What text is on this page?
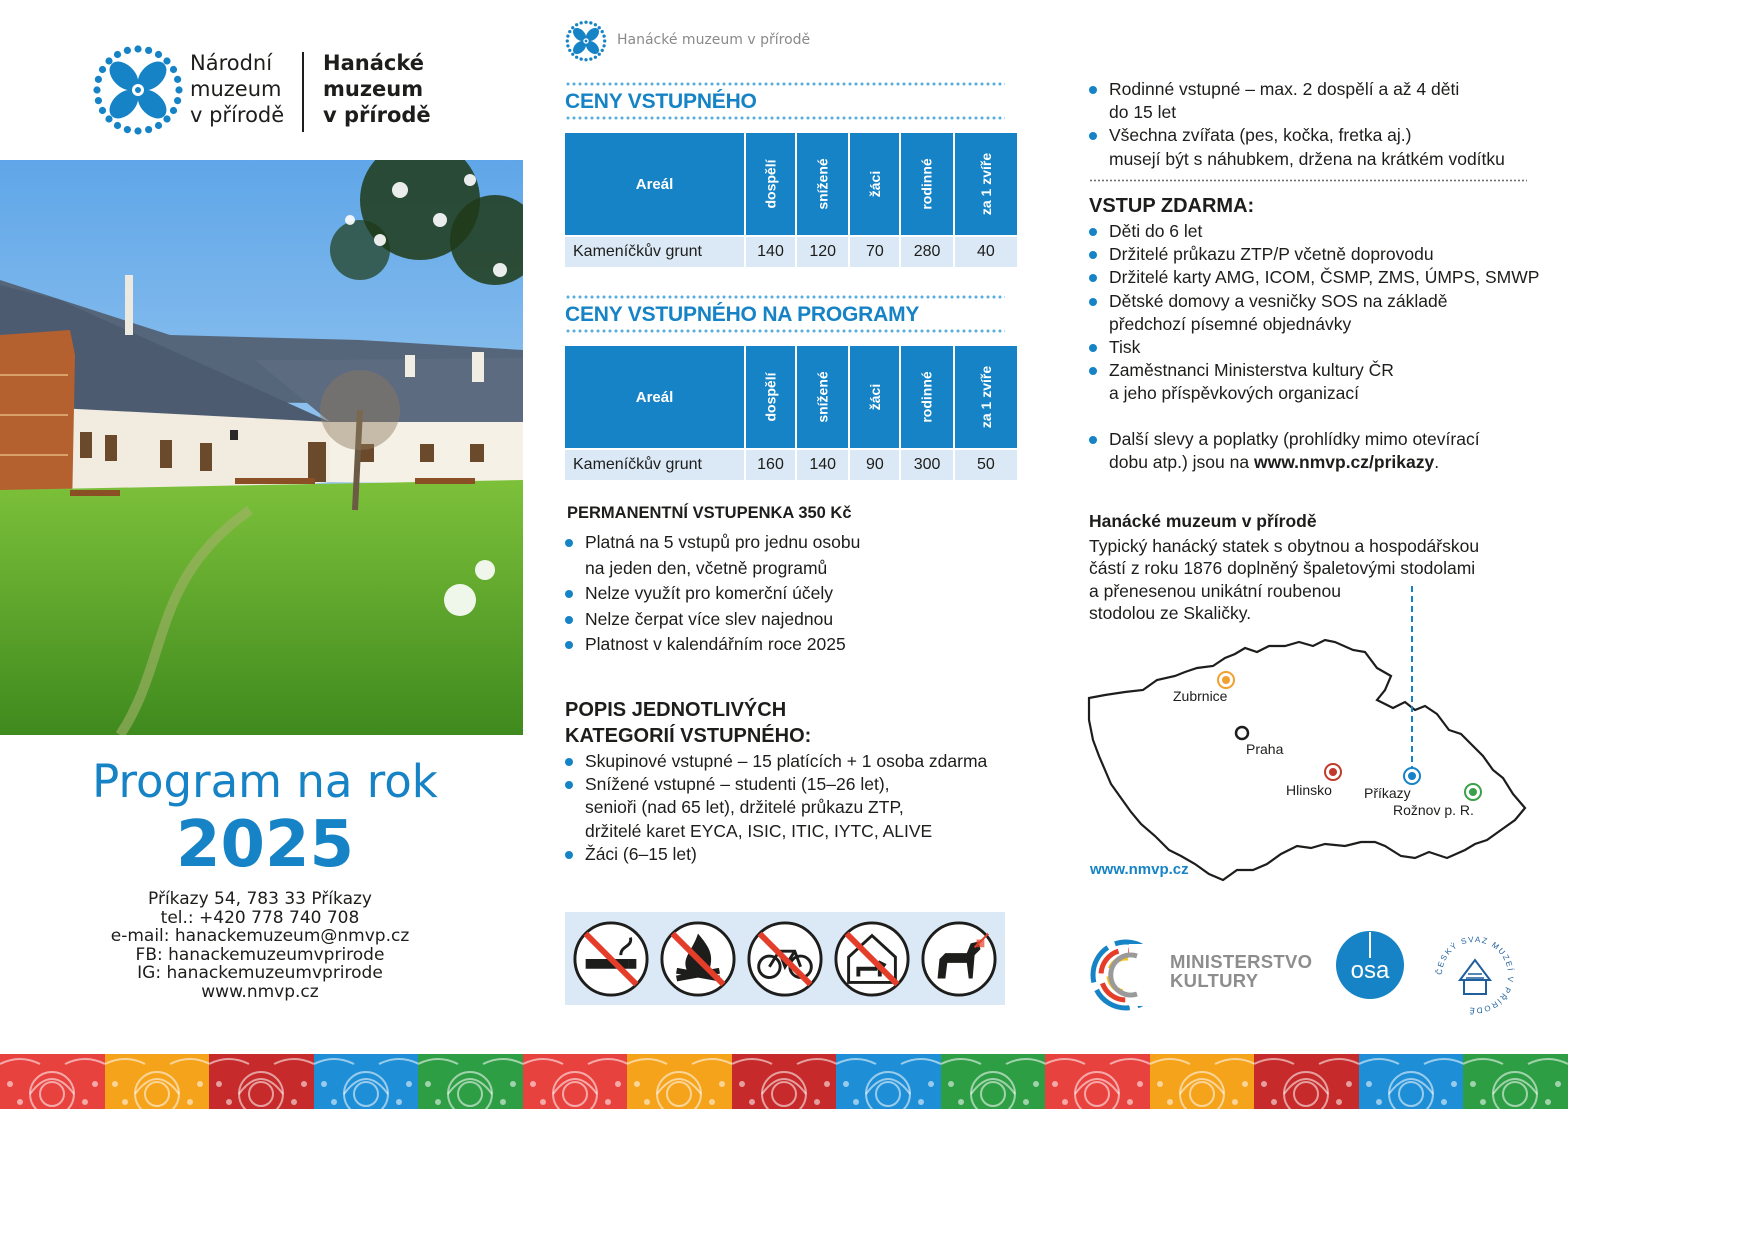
Národní
muzeum
v přírodě
Hanácké
muzeum
v přírodě
Program na rok
2025
Příkazy 54, 783 33 Příkazy
tel.: +420 778 740 708
e-mail: hanackemuzeum@nmvp.cz
FB: hanackemuzeumvprirode
IG: hanackemuzeumvprirode
www.nmvp.cz
Hanácké muzeum v přírodě
CENY VSTUPNÉHO
Areál	dospělí	snížené	žáci	rodinné	za 1 zvíře
Kameníčkův grunt	140	120	70	280	40
CENY VSTUPNÉHO NA PROGRAMY
Areál	dospělí	snížené	žáci	rodinné	za 1 zvíře
Kameníčkův grunt	160	140	90	300	50
PERMANENTNÍ VSTUPENKA 350 Kč
Platná na 5 vstupů pro jednu osobu
na jeden den, včetně programů
Nelze využít pro komerční účely
Nelze čerpat více slev najednou
Platnost v kalendářním roce 2025
POPIS JEDNOTLIVÝCH
KATEGORIÍ VSTUPNÉHO:
Skupinové vstupné – 15 platících + 1 osoba zdarma
Snížené vstupné – studenti (15–26 let),
senioři (nad 65 let), držitelé průkazu ZTP,
držitelé karet EYCA, ISIC, ITIC, IYTC, ALIVE
Žáci (6–15 let)
Rodinné vstupné – max. 2 dospělí a až 4 děti
do 15 let
Všechna zvířata (pes, kočka, fretka aj.)
musejí být s náhubkem, držena na krátkém vodítku
VSTUP ZDARMA:
Děti do 6 let
Držitelé průkazu ZTP/P včetně doprovodu
Držitelé karty AMG, ICOM, ČSMP, ZMS, ÚMPS, SMWP
Dětské domovy a vesničky SOS na základě
předchozí písemné objednávky
Tisk
Zaměstnanci Ministerstva kultury ČR
a jeho příspěvkových organizací
Další slevy a poplatky (prohlídky mimo otevírací
dobu atp.) jsou na www.nmvp.cz/prikazy.
Hanácké muzeum v přírodě
Typický hanácký statek s obytnou a hospodářskou
částí z roku 1876 doplněný špaletovými stodolami
a přenesenou unikátní roubenou
stodolou ze Skaličky.
Zubrnice
Praha
Hlinsko Příkazy
Rožnov p. R.
www.nmvp.cz
MINISTERSTVO
KULTURY	osa	ČESKÝ SVAZ MUZEÍ V PŘÍRODĚ
